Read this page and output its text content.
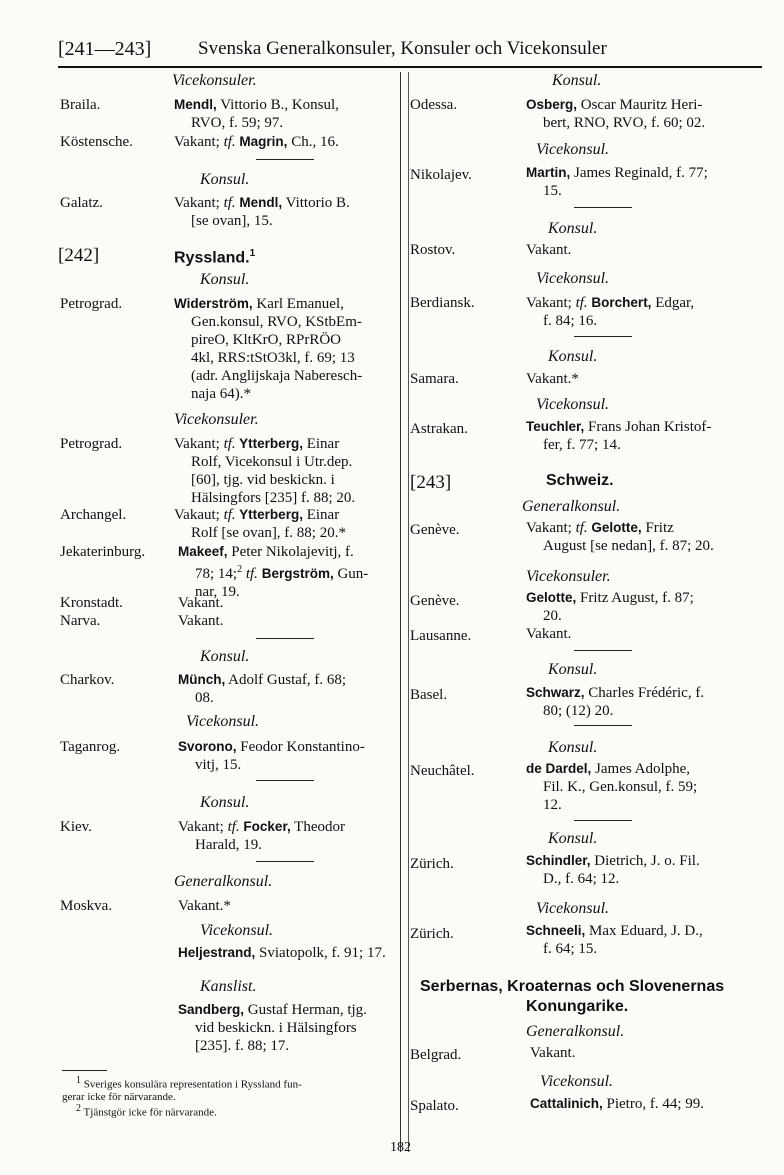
[241—243] Svenska Generalkonsuler, Konsuler och Vicekonsuler
Vicekonsuler.
Braila.	Mendl, Vittorio B., Konsul,
RVO, f. 59; 97.
Köstensche.	Vakant; tf. Magrin, Ch., 16.
Konsul.
Galatz.	Vakant; tf. Mendl, Vittorio B.
[se ovan], 15.
[242]	Ryssland.$^1$
Konsul.
Petrograd.	Widerström, Karl Emanuel,
Gen.konsul, RVO, KStbEm-
pireO, KltKrO, RPrRÖO
4kl, RRS:tStO3kl, f. 69; 13
(adr. Anglijskaja Naberesch-
naja 64).*
Vicekonsuler.
Petrograd.	Vakant; tf. Ytterberg, Einar
Rolf, Vicekonsul i Utr.dep.
[60], tjg. vid beskickn. i
Hälsingfors [235] f. 88; 20.
Archangel.	Vakaut; tf. Ytterberg, Einar
Rolf [se ovan], f. 88; 20.*
Jekaterinburg. Makeef, Peter Nikolajevitj, f.
78; 14;$^2$ tf. Bergström, Gun-
nar, 19.
Kronstadt.	Vakant.
Narva.	Vakant.
Konsul.
Charkov.	Münch, Adolf Gustaf, f. 68;
08.
Vicekonsul.
Taganrog.	Svorono, Feodor Konstantino-
vitj, 15.
Konsul.
Kiev.	Vakant; tf. Focker, Theodor
Harald, 19.
Generalkonsul.
Moskva.	Vakant.*
Vicekonsul.
Heljestrand, Sviatopolk, f. 91; 17.
Kanslist.
Sandberg, Gustaf Herman, tjg.
vid beskickn. i Hälsingfors
[235]. f. 88; 17.
1 Sveriges konsulära representation i Ryssland fun-
gerar icke för närvarande.
2 Tjänstgör icke för närvarande.
Konsul.
Odessa.	Osberg, Oscar Mauritz Heri-
bert, RNO, RVO, f. 60; 02.
Vicekonsul.
Nikolajev.	Martin, James Reginald, f. 77;
15.
Konsul.
Rostov.	Vakant.
Vicekonsul.
Berdiansk.	Vakant; tf. Borchert, Edgar,
f. 84; 16.
Konsul.
Samara.	Vakant.*
Vicekonsul.
Astrakan.	Teuchler, Frans Johan Kristof-
fer, f. 77; 14.
[243]	Schweiz.
Generalkonsul.
Genève.	Vakant; tf. Gelotte, Fritz
August [se nedan], f. 87; 20.
Vicekonsuler.
Genève.	Gelotte, Fritz August, f. 87;
20.
Lausanne.	Vakant.
Konsul.
Basel.	Schwarz, Charles Frédéric, f.
80; (12) 20.
Konsul.
Neuchâtel.	de Dardel, James Adolphe,
Fil. K., Gen.konsul, f. 59;
12.
Konsul.
Zürich.	Schindler, Dietrich, J. o. Fil.
D., f. 64; 12.
Vicekonsul.
Zürich.	Schneeli, Max Eduard, J. D.,
f. 64; 15.
Serbernas, Kroaternas och Slovenernas
Konungarike.
Generalkonsul.
Belgrad.	Vakant.
Vicekonsul.
Spalato.	Cattalinich, Pietro, f. 44; 99.
182
